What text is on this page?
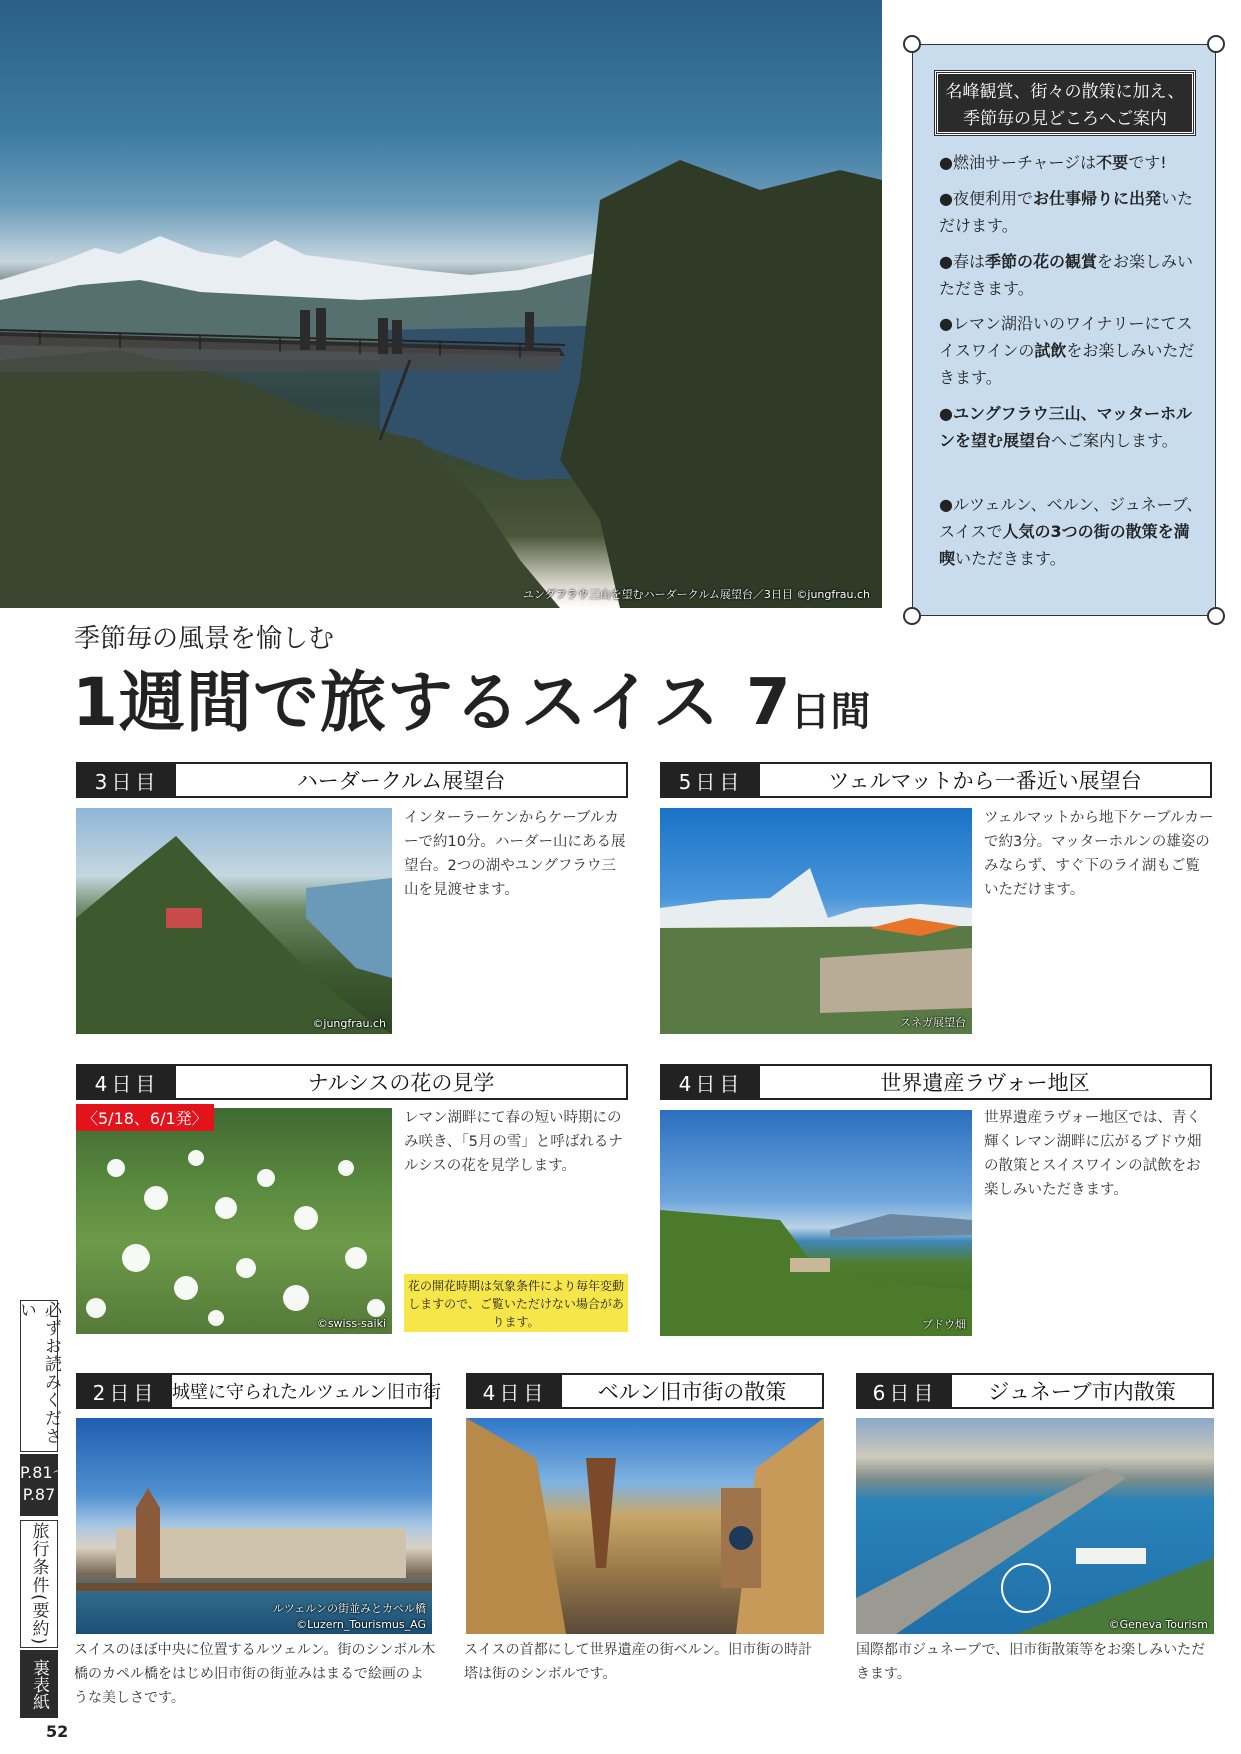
ユングフラウ三山を望むハーダークルム展望台／3日目 ©jungfrau.ch
名峰観賞、街々の散策に加え、
季節毎の見どころへご案内
●燃油サーチャージは不要です!
●夜便利用でお仕事帰りに出発いただけます。
●春は季節の花の観賞をお楽しみいただきます。
●レマン湖沿いのワイナリーにてスイスワインの試飲をお楽しみいただきます。
●ユングフラウ三山、マッターホルンを望む展望台へご案内します。
●ルツェルン、ベルン、ジュネーブ、スイスで人気の3つの街の散策を満喫いただきます。
季節毎の風景を愉しむ
1週間で旅するスイス 7 日間
3日目	ハーダークルム展望台
©jungfrau.ch
インターラーケンからケーブルカーで約10分。ハーダー山にある展望台。2つの湖やユングフラウ三山を見渡せます。
5日目	ツェルマットから一番近い展望台
スネガ展望台
ツェルマットから地下ケーブルカーで約3分。マッターホルンの雄姿のみならず、すぐ下のライ湖もご覧いただけます。
4日目	ナルシスの花の見学
©swiss-saiki
〈5/18、6/1発〉	レマン湖畔にて春の短い時期にのみ咲き、「5月の雪」と呼ばれるナルシスの花を見学します。
花の開花時期は気象条件により毎年変動しますので、ご覧いただけない場合があります。
4日目	世界遺産ラヴォー地区
ブドウ畑
世界遺産ラヴォー地区では、青く輝くレマン湖畔に広がるブドウ畑の散策とスイスワインの試飲をお楽しみいただきます。
2日目 城壁に守られたルツェルン旧市街
ルツェルンの街並みとカペル橋
©Luzern_Tourismus_AG
スイスのほぼ中央に位置するルツェルン。街のシンボル木橋のカペル橋をはじめ旧市街の街並みはまるで絵画のような美しさです。
4日目	ベルン旧市街の散策
スイスの首都にして世界遺産の街ベルン。旧市街の時計塔は街のシンボルです。
6日目	ジュネーブ市内散策
©Geneva Tourism
国際都市ジュネーブで、旧市街散策等をお楽しみいただきます。
必ずお読みください
P.81〜P.87
旅行条件(要約)
裏表紙
52
